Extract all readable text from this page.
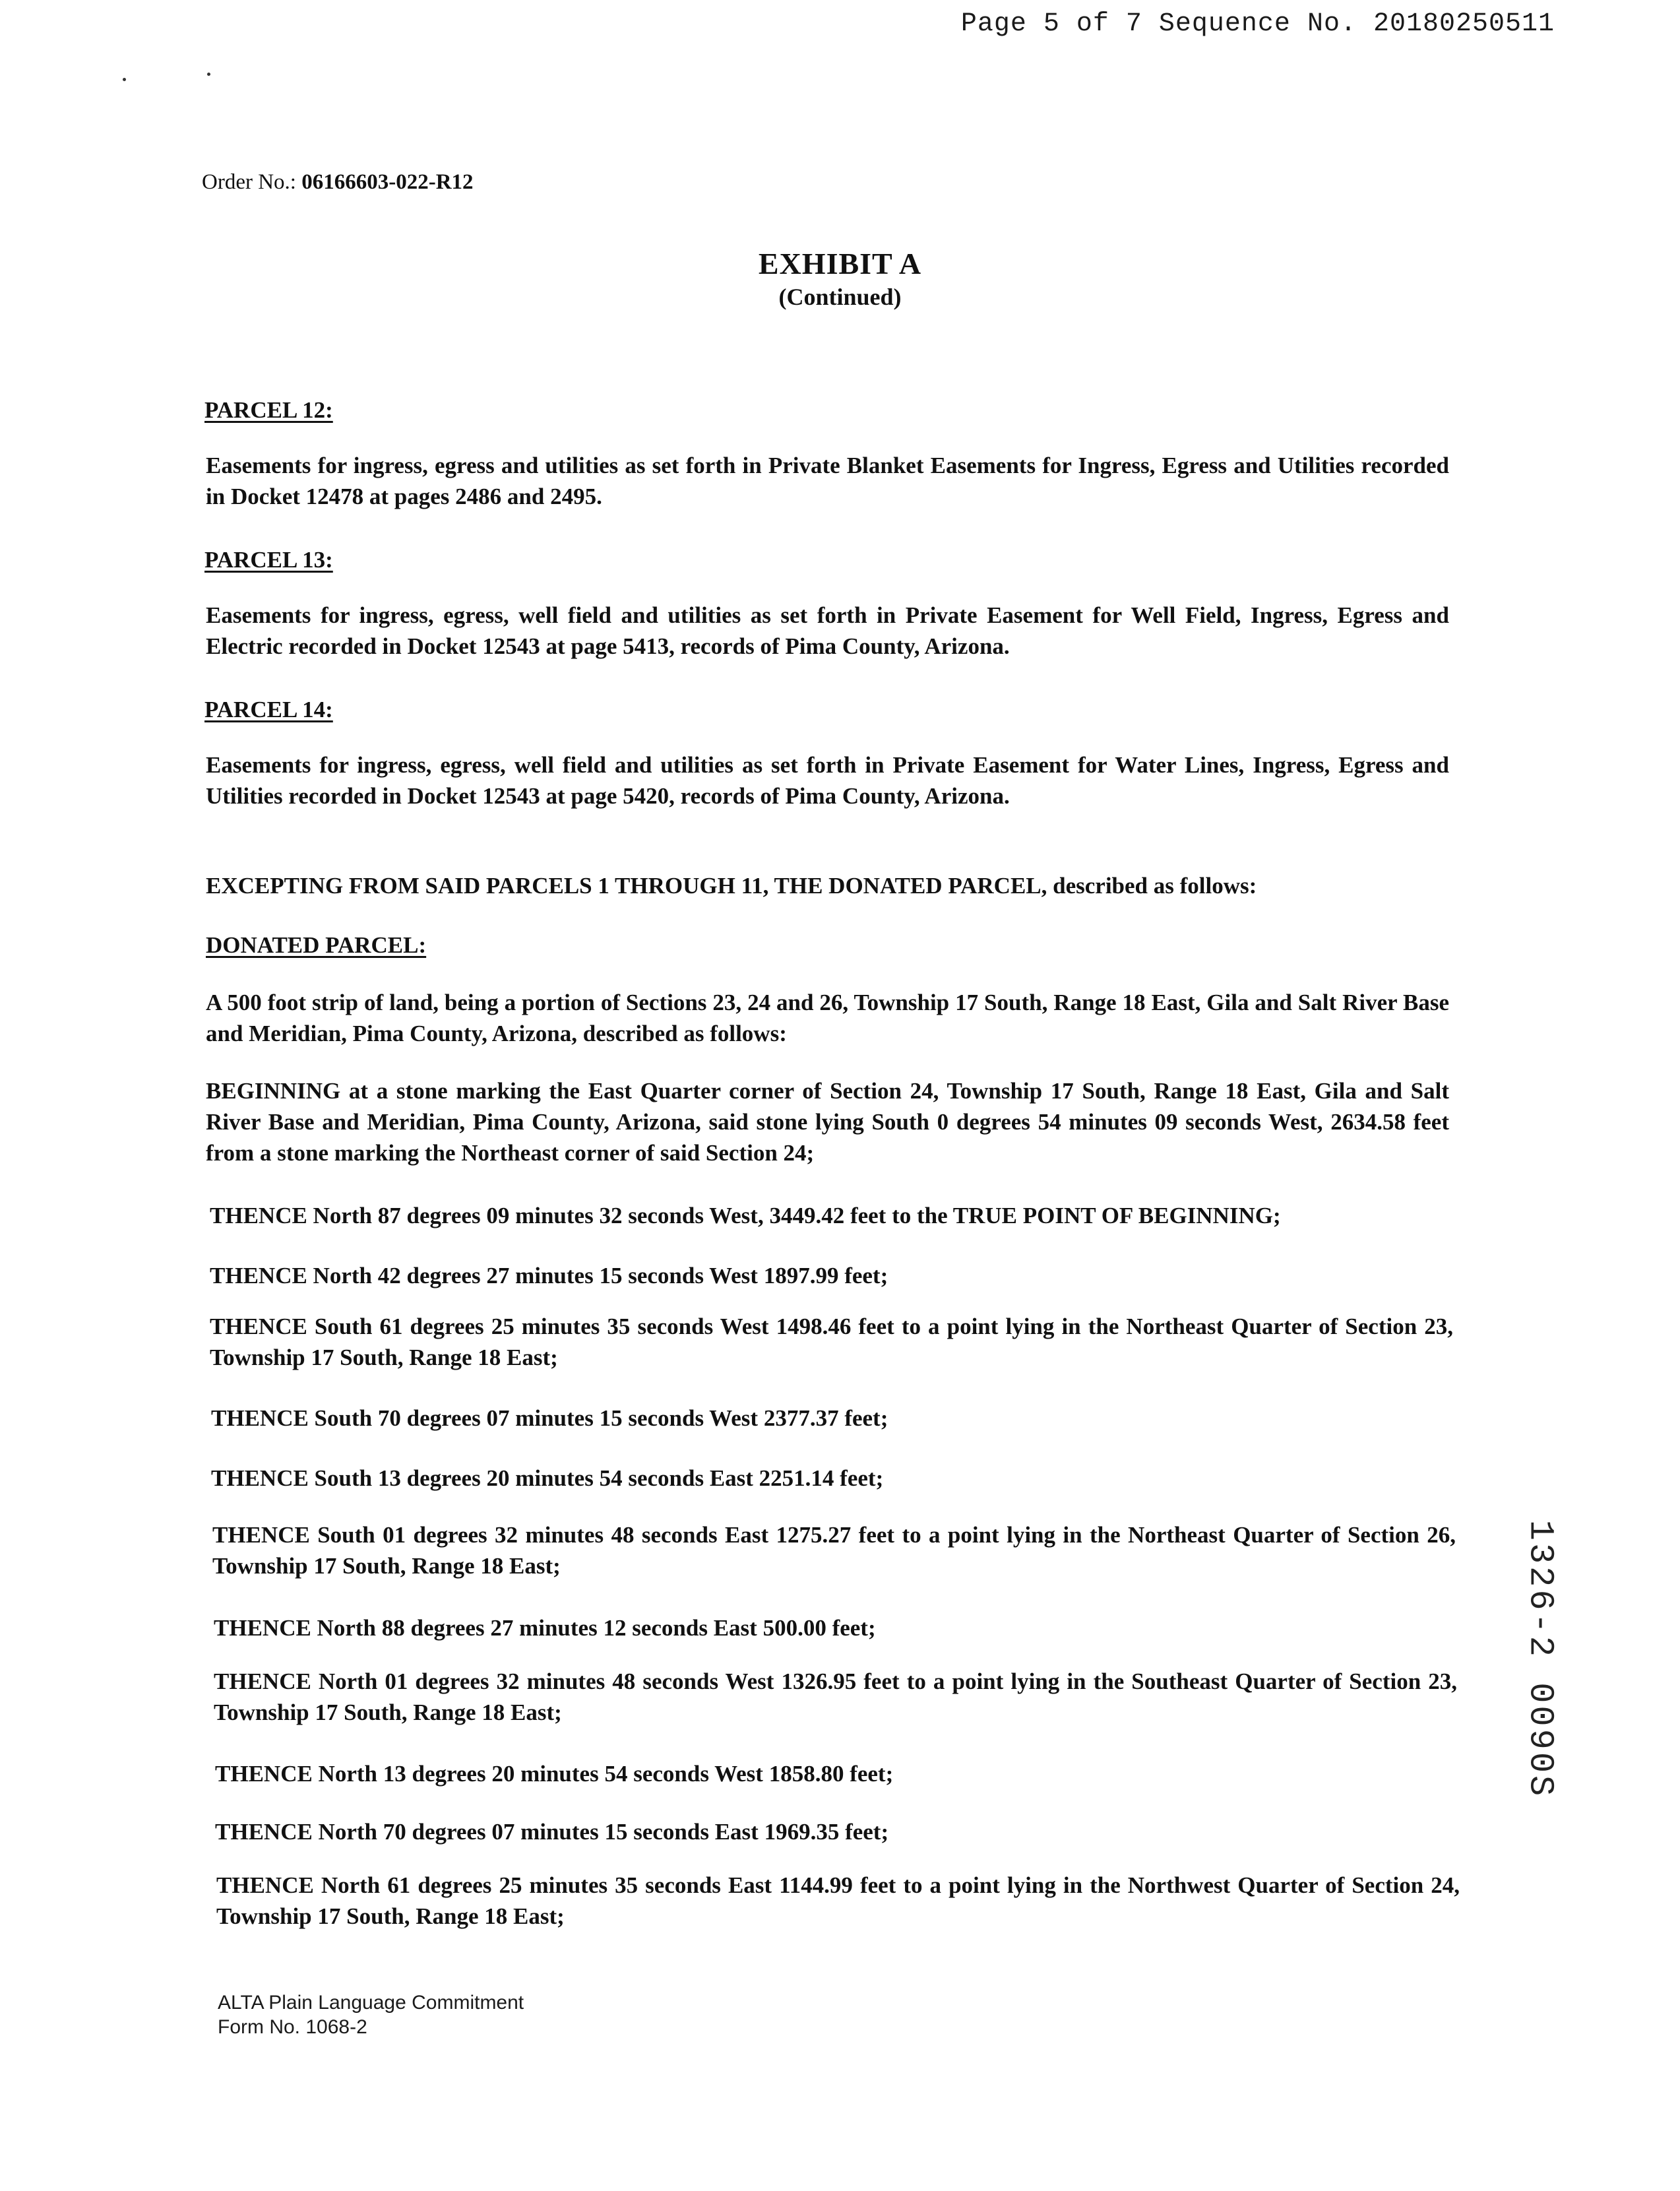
Page 5 of 7 Sequence No. 20180250511
Order No.: 06166603-022-R12
EXHIBIT A
(Continued)
PARCEL 12:
Easements for ingress, egress and utilities as set forth in Private Blanket Easements for Ingress, Egress and Utilities recorded in Docket 12478 at pages 2486 and 2495.
PARCEL 13:
Easements for ingress, egress, well field and utilities as set forth in Private Easement for Well Field, Ingress, Egress and Electric recorded in Docket 12543 at page 5413, records of Pima County, Arizona.
PARCEL 14:
Easements for ingress, egress, well field and utilities as set forth in Private Easement for Water Lines, Ingress, Egress and Utilities recorded in Docket 12543 at page 5420, records of Pima County, Arizona.
EXCEPTING FROM SAID PARCELS 1 THROUGH 11, THE DONATED PARCEL, described as follows:
DONATED PARCEL:
A 500 foot strip of land, being a portion of Sections 23, 24 and 26, Township 17 South, Range 18 East, Gila and Salt River Base and Meridian, Pima County, Arizona, described as follows:
BEGINNING at a stone marking the East Quarter corner of Section 24, Township 17 South, Range 18 East, Gila and Salt River Base and Meridian, Pima County, Arizona, said stone lying South 0 degrees 54 minutes 09 seconds West, 2634.58 feet from a stone marking the Northeast corner of said Section 24;
THENCE North 87 degrees 09 minutes 32 seconds West, 3449.42 feet to the TRUE POINT OF BEGINNING;
THENCE North 42 degrees 27 minutes 15 seconds West 1897.99 feet;
THENCE South 61 degrees 25 minutes 35 seconds West 1498.46 feet to a point lying in the Northeast Quarter of Section 23, Township 17 South, Range 18 East;
THENCE South 70 degrees 07 minutes 15 seconds West 2377.37 feet;
THENCE South 13 degrees 20 minutes 54 seconds East 2251.14 feet;
THENCE South 01 degrees 32 minutes 48 seconds East 1275.27 feet to a point lying in the Northeast Quarter of Section 26, Township 17 South, Range 18 East;
THENCE North 88 degrees 27 minutes 12 seconds East 500.00 feet;
THENCE North 01 degrees 32 minutes 48 seconds West 1326.95 feet to a point lying in the Southeast Quarter of Section 23, Township 17 South, Range 18 East;
THENCE North 13 degrees 20 minutes 54 seconds West 1858.80 feet;
THENCE North 70 degrees 07 minutes 15 seconds East 1969.35 feet;
THENCE North 61 degrees 25 minutes 35 seconds East 1144.99 feet to a point lying in the Northwest Quarter of Section 24, Township 17 South, Range 18 East;
1326-2 0090S
ALTA Plain Language Commitment
Form No. 1068-2
